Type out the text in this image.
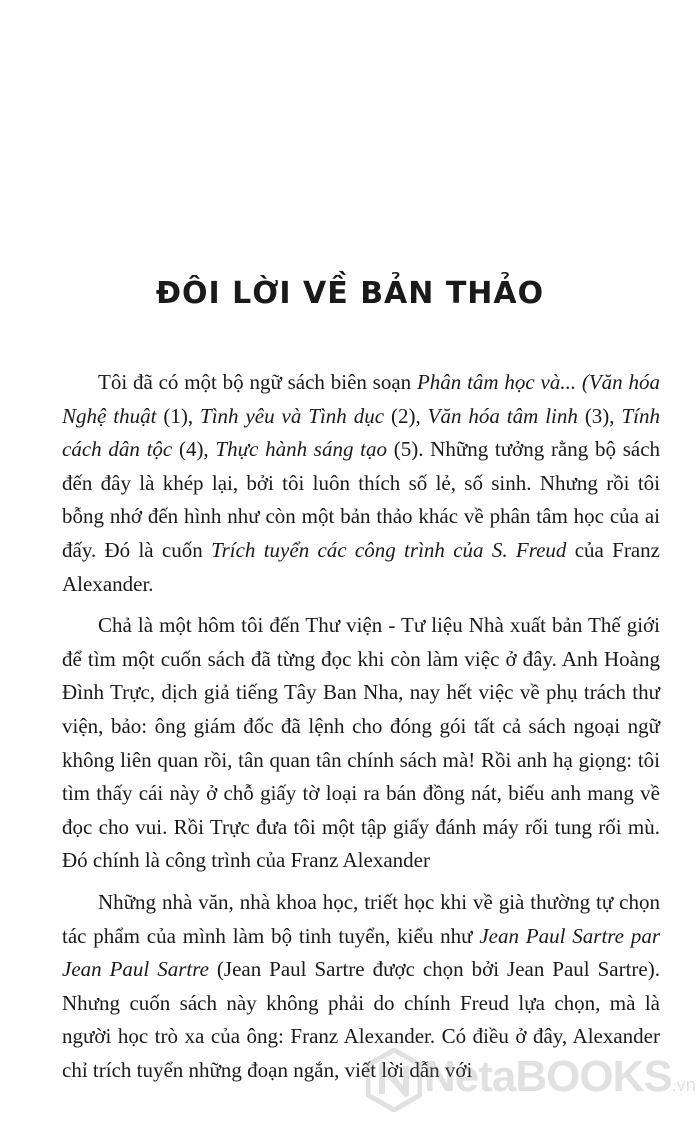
ĐÔI LỜI VỀ BẢN THẢO

Tôi đã có một bộ ngữ sách biên soạn Phân tâm học và... (Văn hóa Nghệ thuật (1), Tình yêu và Tình dục (2), Văn hóa tâm linh (3), Tính cách dân tộc (4), Thực hành sáng tạo (5). Những tưởng rằng bộ sách đến đây là khép lại, bởi tôi luôn thích số lẻ, số sinh. Nhưng rồi tôi bỗng nhớ đến hình như còn một bản thảo khác về phân tâm học của ai đấy. Đó là cuốn Trích tuyển các công trình của S. Freud của Franz Alexander.

Chả là một hôm tôi đến Thư viện - Tư liệu Nhà xuất bản Thế giới để tìm một cuốn sách đã từng đọc khi còn làm việc ở đây. Anh Hoàng Đình Trực, dịch giả tiếng Tây Ban Nha, nay hết việc về phụ trách thư viện, bảo: ông giám đốc đã lệnh cho đóng gói tất cả sách ngoại ngữ không liên quan rồi, tân quan tân chính sách mà! Rồi anh hạ giọng: tôi tìm thấy cái này ở chỗ giấy tờ loại ra bán đồng nát, biếu anh mang về đọc cho vui. Rồi Trực đưa tôi một tập giấy đánh máy rối tung rối mù. Đó chính là công trình của Franz Alexander

Những nhà văn, nhà khoa học, triết học khi về già thường tự chọn tác phẩm của mình làm bộ tinh tuyển, kiểu như Jean Paul Sartre par Jean Paul Sartre (Jean Paul Sartre được chọn bởi Jean Paul Sartre). Nhưng cuốn sách này không phải do chính Freud lựa chọn, mà là người học trò xa của ông: Franz Alexander. Có điều ở đây, Alexander chỉ trích tuyển những đoạn ngắn, viết lời dẫn với

NetaBOOKS.vn
